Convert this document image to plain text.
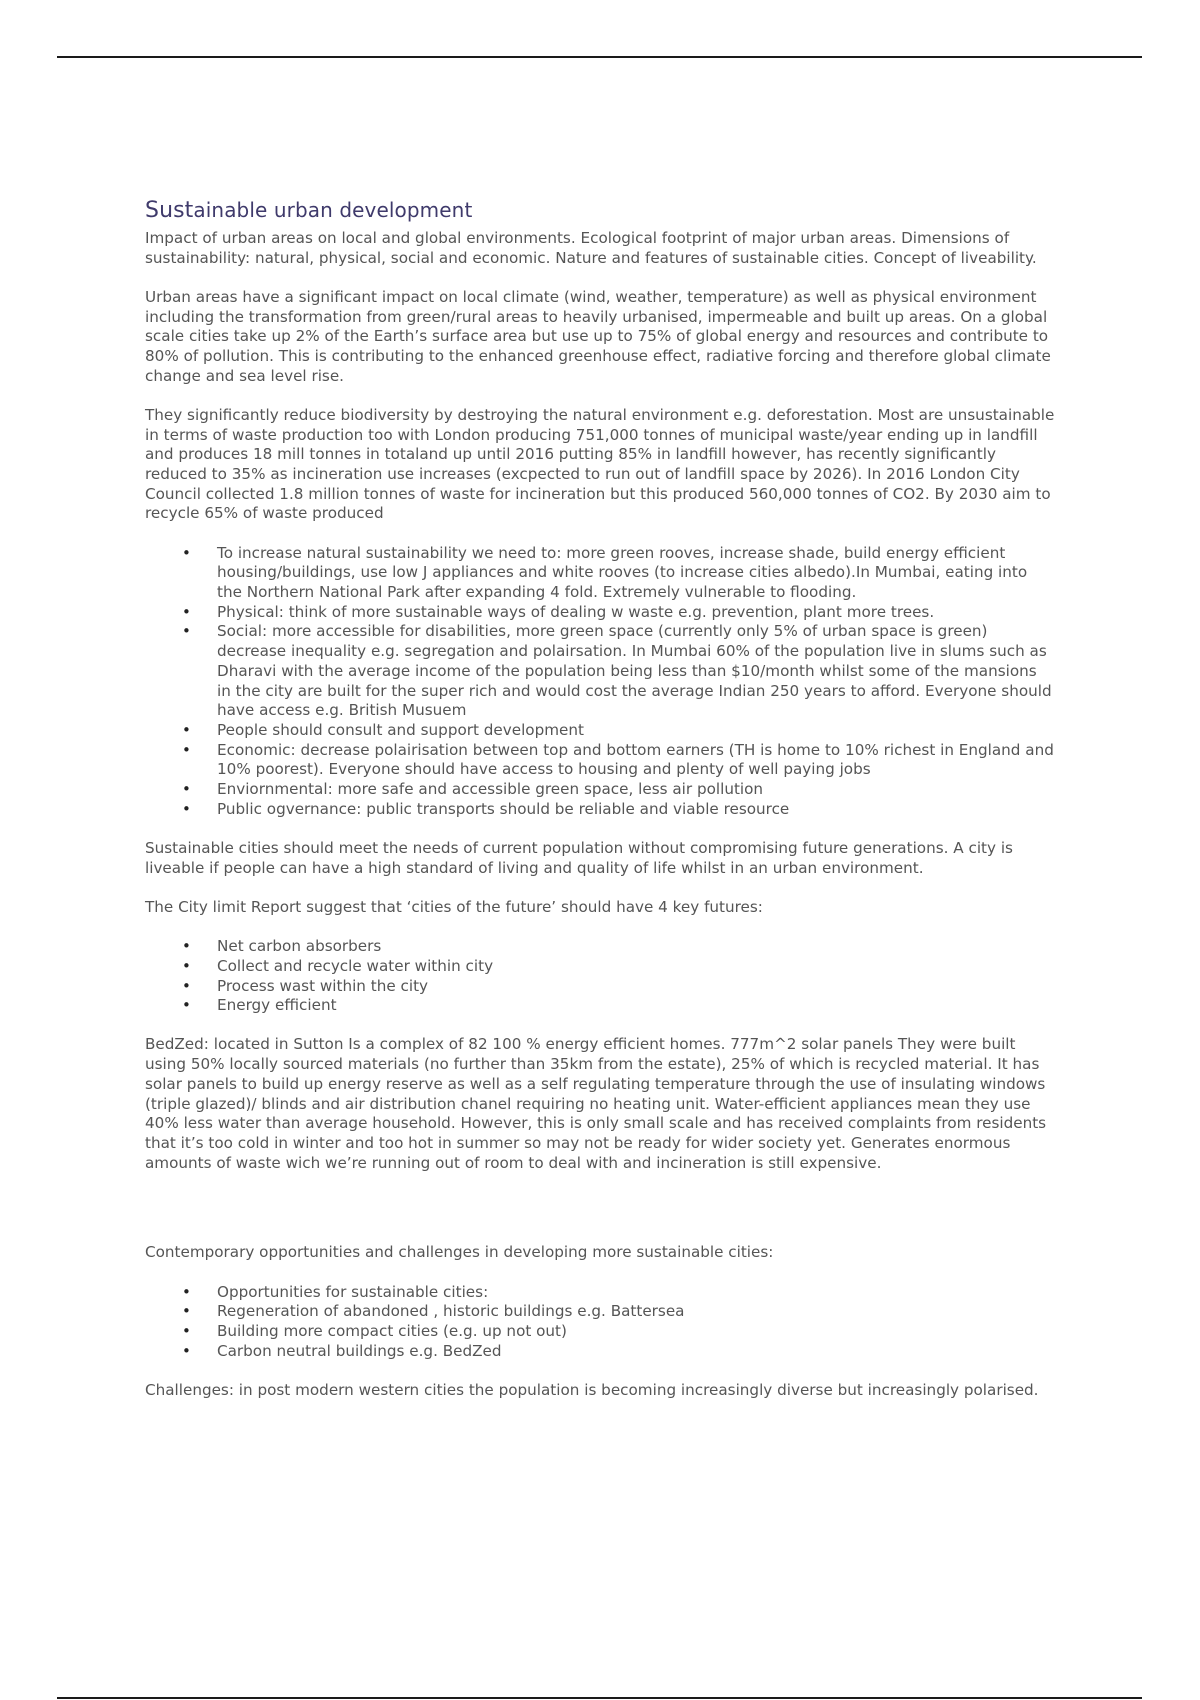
Sustainable urban development

Impact of urban areas on local and global environments. Ecological footprint of major urban areas. Dimensions of sustainability: natural, physical, social and economic. Nature and features of sustainable cities. Concept of liveability.

Urban areas have a significant impact on local climate (wind, weather, temperature) as well as physical environment including the transformation from green/rural areas to heavily urbanised, impermeable and built up areas. On a global scale cities take up 2% of the Earth’s surface area but use up to 75% of global energy and resources and contribute to 80% of pollution. This is contributing to the enhanced greenhouse effect, radiative forcing and therefore global climate change and sea level rise.

They significantly reduce biodiversity by destroying the natural environment e.g. deforestation. Most are unsustainable in terms of waste production too with London producing 751,000 tonnes of municipal waste/year ending up in landfill and produces 18 mill tonnes in totaland up until 2016 putting 85% in landfill however, has recently significantly reduced to 35% as incineration use increases (excpected to run out of landfill space by 2026). In 2016 London City Council collected 1.8 million tonnes of waste for incineration but this produced 560,000 tonnes of CO2. By 2030 aim to recycle 65% of waste produced

• To increase natural sustainability we need to: more green rooves, increase shade, build energy efficient housing/buildings, use low J appliances and white rooves (to increase cities albedo).In Mumbai, eating into the Northern National Park after expanding 4 fold. Extremely vulnerable to flooding.
• Physical: think of more sustainable ways of dealing w waste e.g. prevention, plant more trees.
• Social: more accessible for disabilities, more green space (currently only 5% of urban space is green) decrease inequality e.g. segregation and polairsation. In Mumbai 60% of the population live in slums such as Dharavi with the average income of the population being less than $10/month whilst some of the mansions in the city are built for the super rich and would cost the average Indian 250 years to afford. Everyone should have access e.g. British Musuem
• People should consult and support development
• Economic: decrease polairisation between top and bottom earners (TH is home to 10% richest in England and 10% poorest). Everyone should have access to housing and plenty of well paying jobs
• Enviornmental: more safe and accessible green space, less air pollution
• Public ogvernance: public transports should be reliable and viable resource

Sustainable cities should meet the needs of current population without compromising future generations. A city is liveable if people can have a high standard of living and quality of life whilst in an urban environment.

The City limit Report suggest that ‘cities of the future’ should have 4 key futures:

• Net carbon absorbers
• Collect and recycle water within city
• Process wast within the city
• Energy efficient

BedZed: located in Sutton Is a complex of 82 100 % energy efficient homes. 777m^2 solar panels They were built using 50% locally sourced materials (no further than 35km from the estate), 25% of which is recycled material. It has solar panels to build up energy reserve as well as a self regulating temperature through the use of insulating windows (triple glazed)/ blinds and air distribution chanel requiring no heating unit. Water-efficient appliances mean they use 40% less water than average household. However, this is only small scale and has received complaints from residents that it’s too cold in winter and too hot in summer so may not be ready for wider society yet. Generates enormous amounts of waste wich we’re running out of room to deal with and incineration is still expensive.

Contemporary opportunities and challenges in developing more sustainable cities:

• Opportunities for sustainable cities:
• Regeneration of abandoned , historic buildings e.g. Battersea
• Building more compact cities (e.g. up not out)
• Carbon neutral buildings e.g. BedZed

Challenges: in post modern western cities the population is becoming increasingly diverse but increasingly polarised.
